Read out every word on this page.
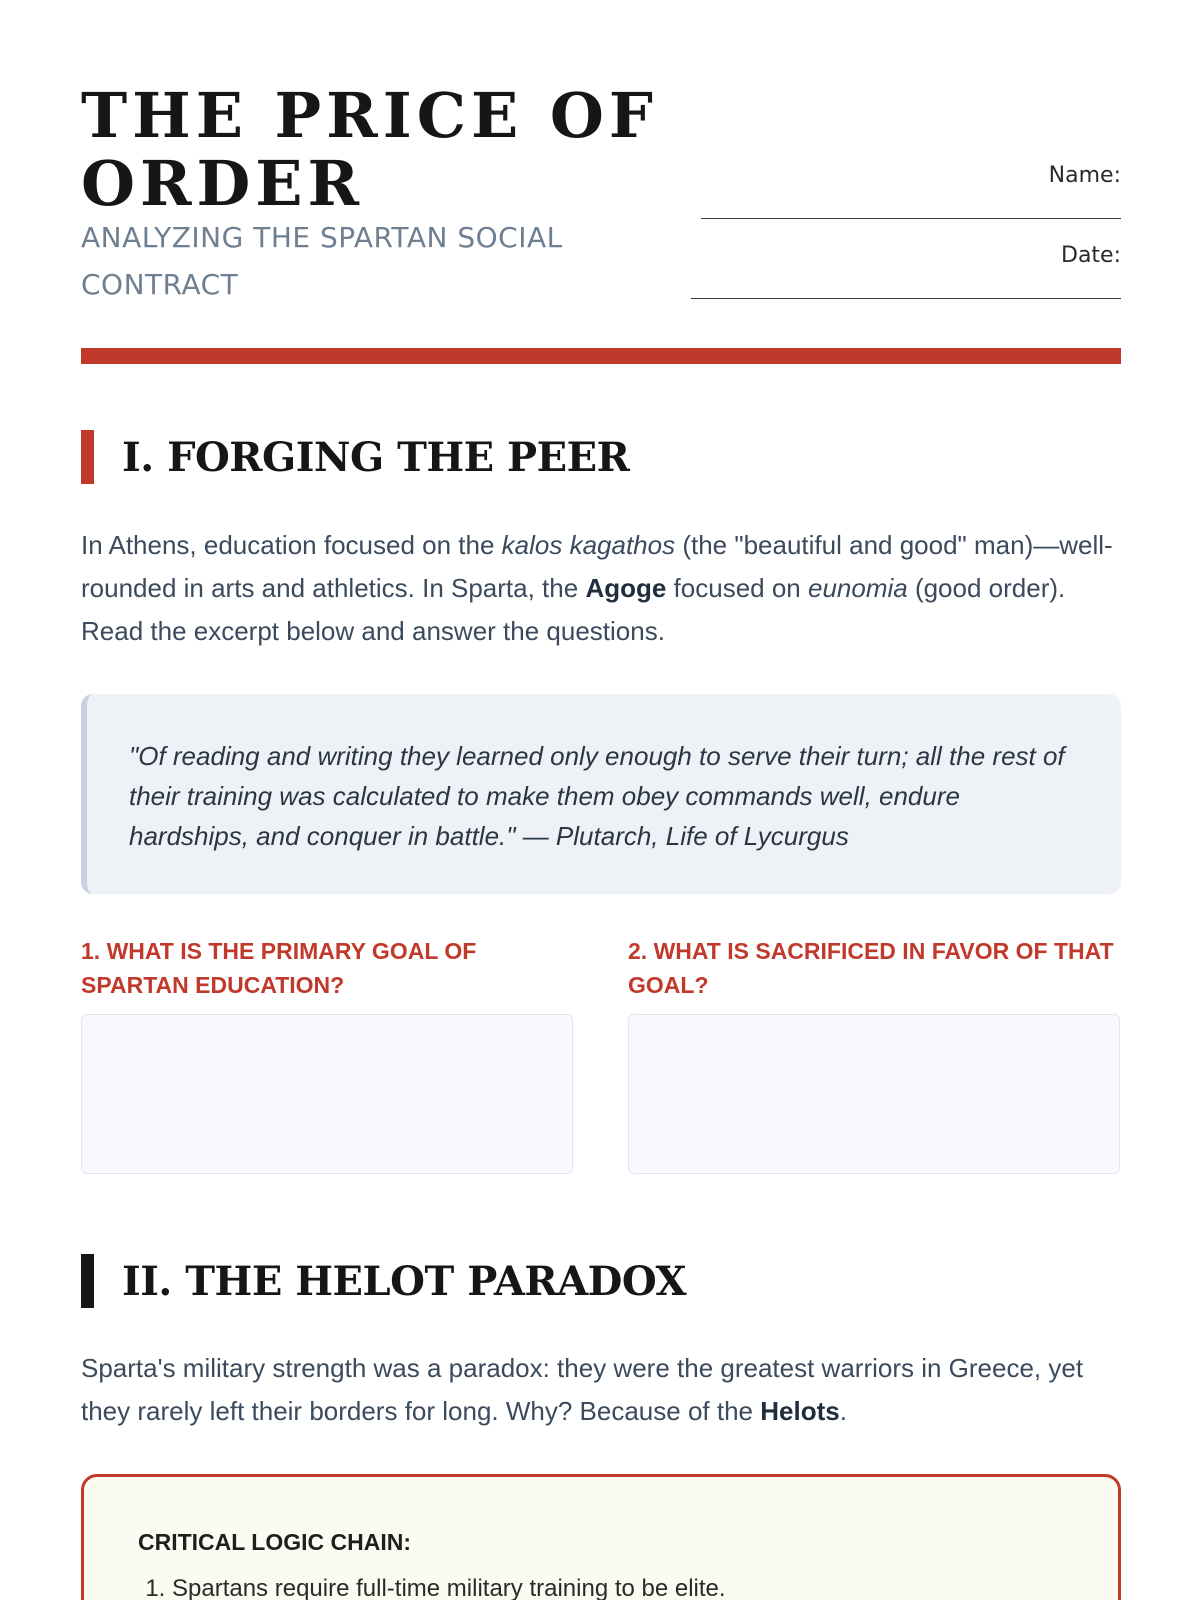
THE PRICE OF ORDER
ANALYZING THE SPARTAN SOCIAL CONTRACT
Name:
Date:
I. FORGING THE PEER

In Athens, education focused on the kalos kagathos (the "beautiful and good" man)—well-rounded in arts and athletics. In Sparta, the Agoge focused on eunomia (good order). Read the excerpt below and answer the questions.

"Of reading and writing they learned only enough to serve their turn; all the rest of their training was calculated to make them obey commands well, endure hardships, and conquer in battle." — Plutarch, Life of Lycurgus

1. WHAT IS THE PRIMARY GOAL OF SPARTAN EDUCATION?
2. WHAT IS SACRIFICED IN FAVOR OF THAT GOAL?
II. THE HELOT PARADOX

Sparta's military strength was a paradox: they were the greatest warriors in Greece, yet they rarely left their borders for long. Why? Because of the Helots.

CRITICAL LOGIC CHAIN:
1. Spartans require full-time military training to be elite.
